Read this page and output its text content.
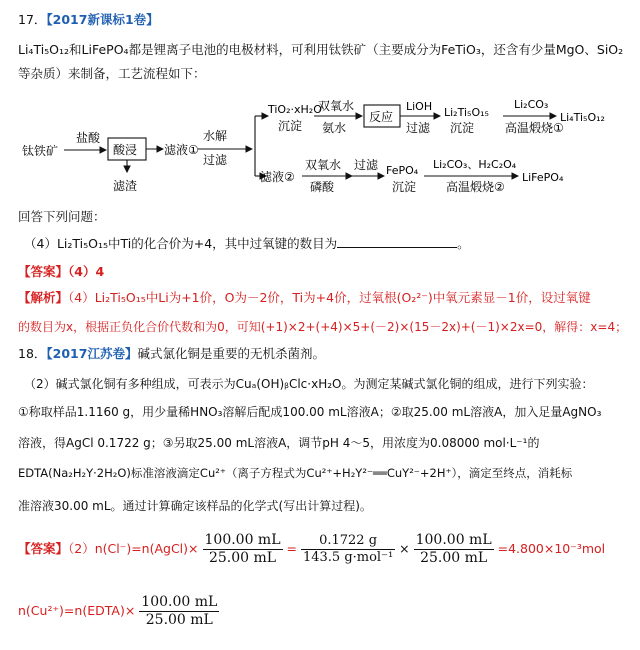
17．【2017新课标1卷】
Li₄Ti₅O₁₂和LiFePO₄都是锂离子电池的电极材料，可利用钛铁矿（主要成分为FeTiO₃，还含有少量MgO、SiO₂
等杂质）来制备，工艺流程如下：
钛铁矿
盐酸
酸浸
滤渣
滤液①
水解
过滤
TiO₂·xH₂O
沉淀
双氧水
氨水
反应
LiOH
过滤
Li₂Ti₅O₁₅
沉淀
Li₂CO₃
高温煅烧①
Li₄Ti₅O₁₂
滤液②
双氧水
磷酸
过滤 FePO₄
沉淀
Li₂CO₃、H₂C₂O₄
高温煅烧②
LiFePO₄
回答下列问题：
（4）Li₂Ti₅O₁₅中Ti的化合价为+4，其中过氧键的数目为	。
【答案】（4）4
【解析】（4）Li₂Ti₅O₁₅中Li为+1价，O为－2价，Ti为+4价，过氧根(O₂²⁻)中氧元素显－1价，设过氧键
的数目为x，根据正负化合价代数和为0，可知(+1)×2+(+4)×5+(－2)×(15－2x)+(－1)×2x=0，解得：x=4；
18．【2017江苏卷】碱式氯化铜是重要的无机杀菌剂。
（2）碱式氯化铜有多种组成，可表示为Cuₐ(OH)ᵦClc·xH₂O。为测定某碱式氯化铜的组成，进行下列实验：
①称取样品1.1160 g，用少量稀HNO₃溶解后配成100.00 mL溶液A；②取25.00 mL溶液A，加入足量AgNO₃
溶液，得AgCl 0.1722 g；③另取25.00 mL溶液A，调节pH 4～5，用浓度为0.08000 mol·L⁻¹的
EDTA(Na₂H₂Y·2H₂O)标准溶液滴定Cu²⁺（离子方程式为Cu²⁺+H₂Y²⁻══CuY²⁻+2H⁺），滴定至终点，消耗标
准溶液30.00 mL。通过计算确定该样品的化学式(写出计算过程)。
【答案】（2）n(Cl⁻)=n(AgCl)× $\frac{100.00 mL}{25.00 mL} = \frac{0.1722 g}{\text{143.5 g·mol⁻¹}} \times \frac{100.00 mL}{25.00 mL} =4.800\times 10^{-3}mol$
n(Cu²⁺)=n(EDTA)× $\frac{100.00 mL}{25.00 mL}$
